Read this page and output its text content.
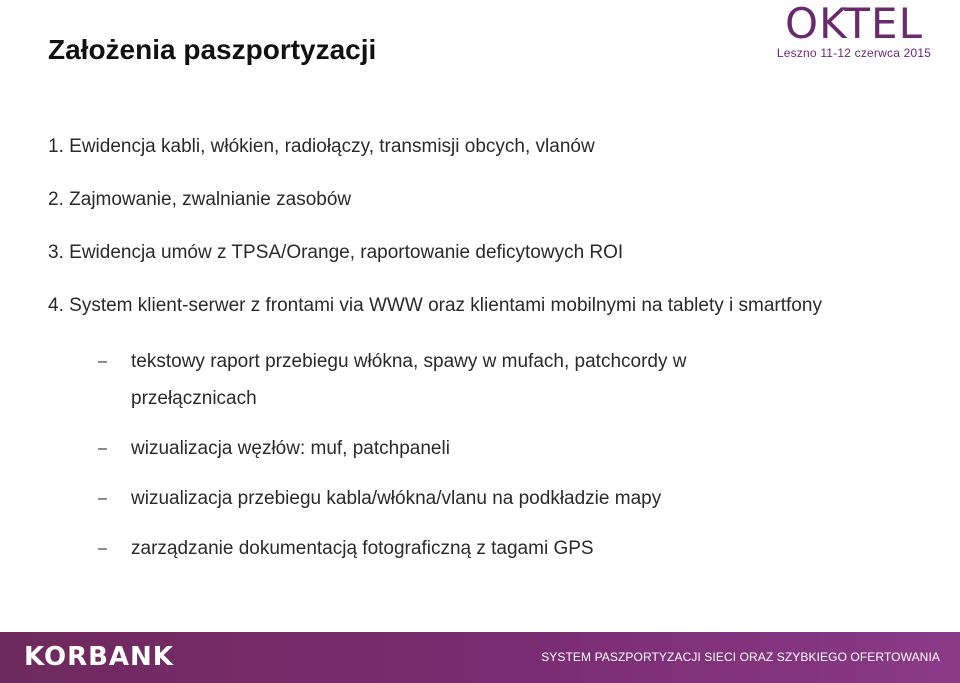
Założenia paszportyzacji
OKTEL
Leszno 11-12 czerwca 2015

1. Ewidencja kabli, włókien, radiołączy, transmisji obcych, vlanów

2. Zajmowanie, zwalnianie zasobów

3. Ewidencja umów z TPSA/Orange, raportowanie deficytowych ROI

4. System klient-serwer z frontami via WWW oraz klientami mobilnymi na tablety i smartfony

–	tekstowy raport przebiegu włókna, spawy w mufach, patchcordy w przełącznicach
–	wizualizacja węzłów: muf, patchpaneli
–	wizualizacja przebiegu kabla/włókna/vlanu na podkładzie mapy
–	zarządzanie dokumentacją fotograficzną z tagami GPS
KORBANK	SYSTEM PASZPORTYZACJI SIECI ORAZ SZYBKIEGO OFERTOWANIA
